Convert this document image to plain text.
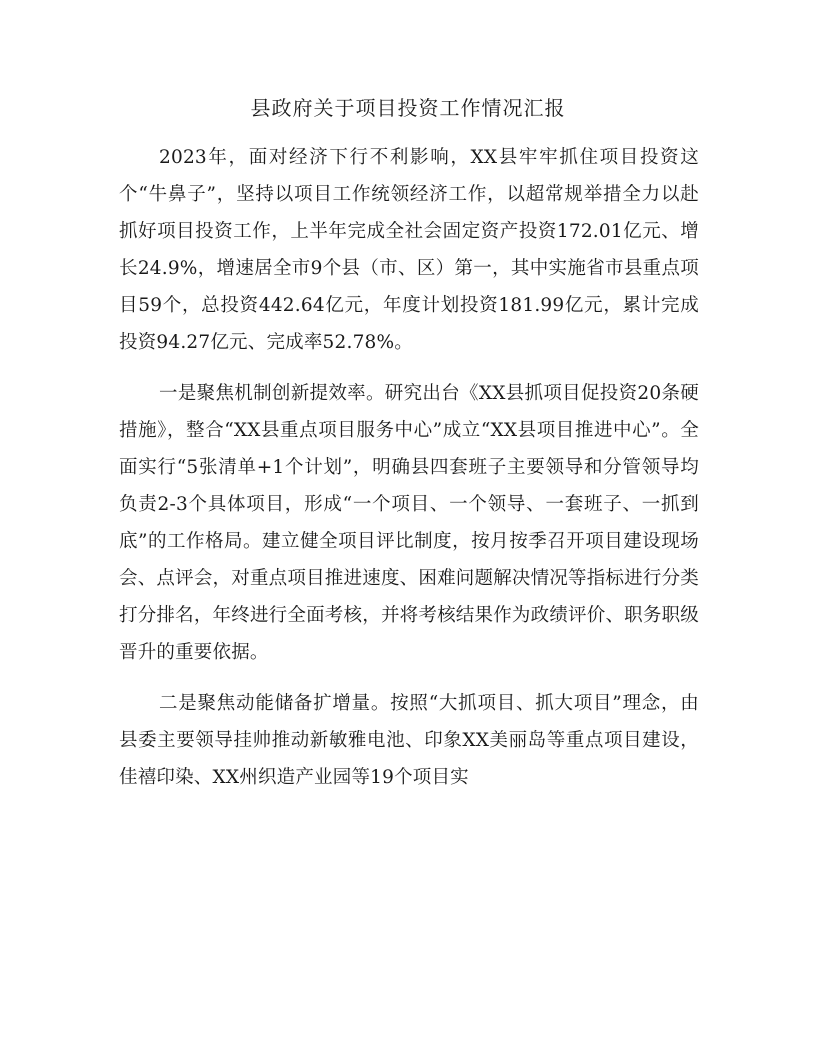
县政府关于项目投资工作情况汇报

2023年，面对经济下行不利影响，XX县牢牢抓住项目投资这个“牛鼻子”，坚持以项目工作统领经济工作，以超常规举措全力以赴抓好项目投资工作，上半年完成全社会固定资产投资172.01亿元、增长24.9%，增速居全市9个县（市、区）第一，其中实施省市县重点项目59个，总投资442.64亿元，年度计划投资181.99亿元，累计完成投资94.27亿元、完成率52.78%。

一是聚焦机制创新提效率。研究出台《XX县抓项目促投资20条硬措施》，整合“XX县重点项目服务中心”成立“XX县项目推进中心”。全面实行“5张清单+1个计划”，明确县四套班子主要领导和分管领导均负责2-3个具体项目，形成“一个项目、一个领导、一套班子、一抓到底”的工作格局。建立健全项目评比制度，按月按季召开项目建设现场会、点评会，对重点项目推进速度、困难问题解决情况等指标进行分类打分排名，年终进行全面考核，并将考核结果作为政绩评价、职务职级晋升的重要依据。

二是聚焦动能储备扩增量。按照“大抓项目、抓大项目”理念，由县委主要领导挂帅推动新敏雅电池、印象XX美丽岛等重点项目建设，佳禧印染、XX州织造产业园等19个项目实
